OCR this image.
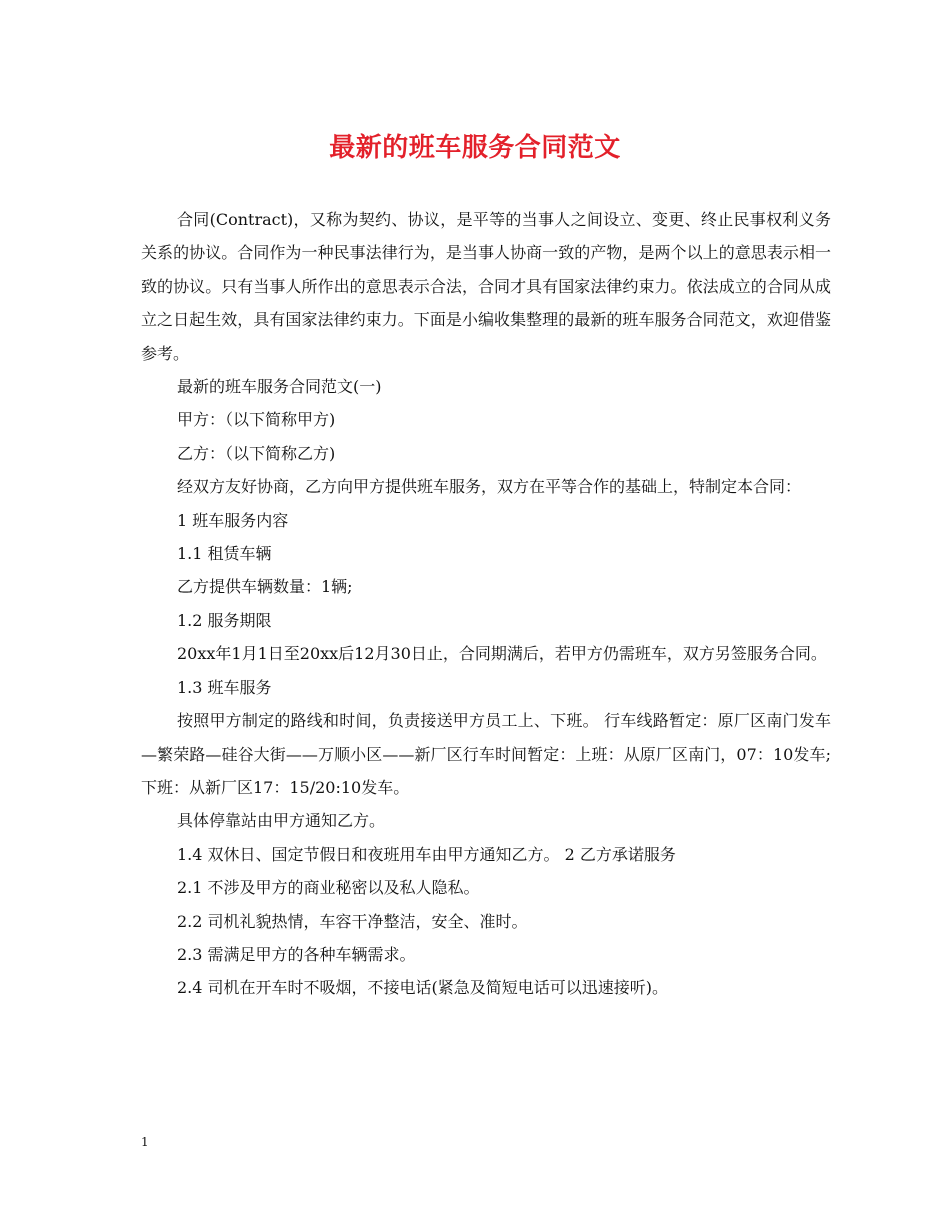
最新的班车服务合同范文

合同(Contract)，又称为契约、协议，是平等的当事人之间设立、变更、终止民事权利义务关系的协议。合同作为一种民事法律行为，是当事人协商一致的产物，是两个以上的意思表示相一致的协议。只有当事人所作出的意思表示合法，合同才具有国家法律约束力。依法成立的合同从成立之日起生效，具有国家法律约束力。下面是小编收集整理的最新的班车服务合同范文，欢迎借鉴参考。

最新的班车服务合同范文(一)

甲方：（以下简称甲方)

乙方：（以下简称乙方)

经双方友好协商，乙方向甲方提供班车服务，双方在平等合作的基础上，特制定本合同：

1 班车服务内容

1.1 租赁车辆

乙方提供车辆数量：1辆;

1.2 服务期限

20xx年1月1日至20xx后12月30日止，合同期满后，若甲方仍需班车，双方另签服务合同。

1.3 班车服务

按照甲方制定的路线和时间，负责接送甲方员工上、下班。 行车线路暂定：原厂区南门发车—繁荣路—硅谷大街——万顺小区——新厂区行车时间暂定：上班：从原厂区南门，07：10发车;下班：从新厂区17：15/20:10发车。

具体停靠站由甲方通知乙方。

1.4 双休日、国定节假日和夜班用车由甲方通知乙方。 2 乙方承诺服务

2.1 不涉及甲方的商业秘密以及私人隐私。

2.2 司机礼貌热情，车容干净整洁，安全、准时。

2.3 需满足甲方的各种车辆需求。

2.4 司机在开车时不吸烟，不接电话(紧急及简短电话可以迅速接听)。

1
